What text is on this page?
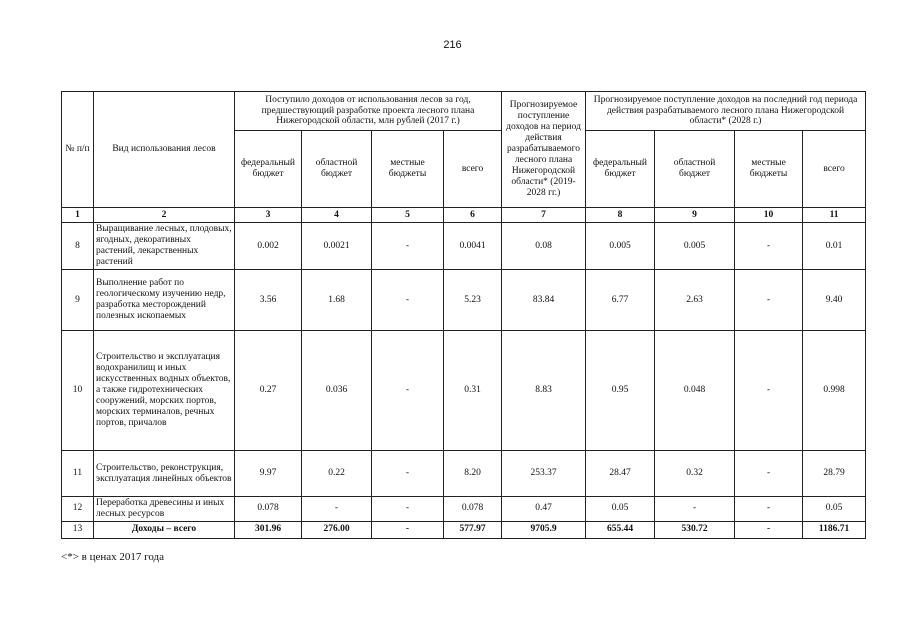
216
№ п/п	Вид использования лесов	Поступило доходов от использования лесов за год, предшествующий разработке проекта лесного плана Нижегородской области, млн рублей (2017 г.)				Прогнозируемое поступление доходов на период действия разрабатываемого лесного плана Нижегородской области* (2019-2028 гг.)	Прогнозируемое поступление доходов на последний год периода действия разрабатываемого лесного плана Нижегородской области* (2028 г.)			
		федеральный бюджет	областной бюджет	местные бюджеты	всего		федеральный бюджет	областной бюджет	местные бюджеты	всего
1	2	3	4	5	6	7	8	9	10	11
8	Выращивание лесных, плодовых, ягодных, декоративных растений, лекарственных растений	0.002	0.0021	-	0.0041	0.08	0.005	0.005	-	0.01
9	Выполнение работ по геологическому изучению недр, разработка месторождений полезных ископаемых	3.56	1.68	-	5.23	83.84	6.77	2.63	-	9.40
10	Строительство и эксплуатация водохранилищ и иных искусственных водных объектов, а также гидротехнических сооружений, морских портов, морских терминалов, речных портов, причалов	0.27	0.036	-	0.31	8.83	0.95	0.048	-	0.998
11	Строительство, реконструкция, эксплуатация линейных объектов	9.97	0.22	-	8.20	253.37	28.47	0.32	-	28.79
12	Переработка древесины и иных лесных ресурсов	0.078	-	-	0.078	0.47	0.05	-	-	0.05
13	Доходы – всего	301.96	276.00	-	577.97	9705.9	655.44	530.72	-	1186.71
<*> в ценах 2017 года
